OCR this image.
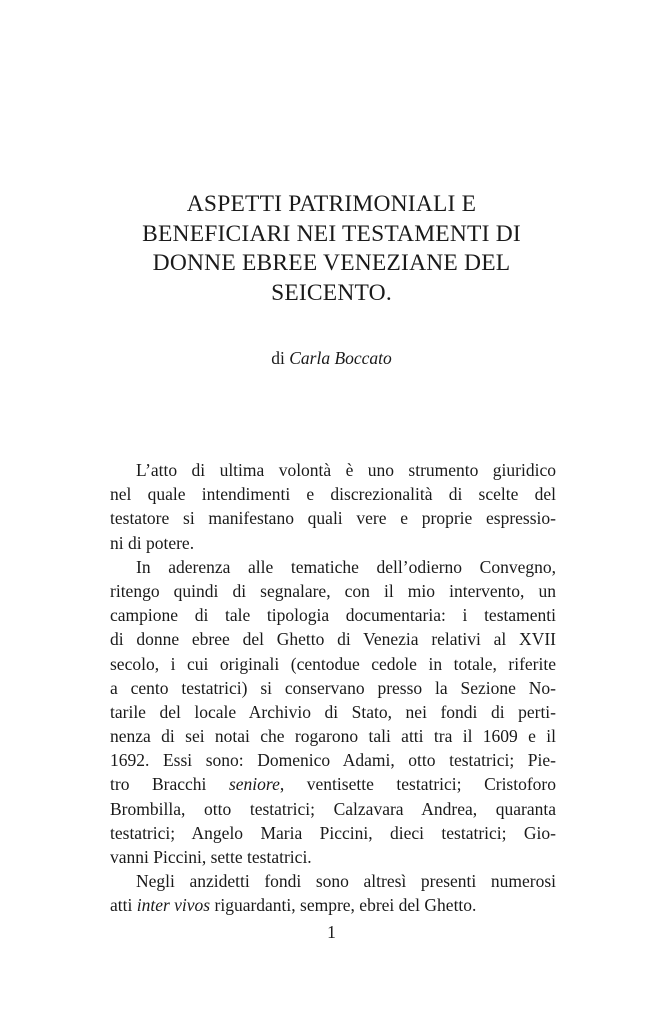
ASPETTI PATRIMONIALI E
BENEFICIARI NEI TESTAMENTI DI
DONNE EBREE VENEZIANE DEL
SEICENTO.
di Carla Boccato
L’atto di ultima volontà è uno strumento giuridico
nel quale intendimenti e discrezionalità di scelte del
testatore si manifestano quali vere e proprie espressio-
ni di potere.
In aderenza alle tematiche dell’odierno Convegno,
ritengo quindi di segnalare, con il mio intervento, un
campione di tale tipologia documentaria: i testamenti
di donne ebree del Ghetto di Venezia relativi al XVII
secolo, i cui originali (centodue cedole in totale, riferite
a cento testatrici) si conservano presso la Sezione No-
tarile del locale Archivio di Stato, nei fondi di perti-
nenza di sei notai che rogarono tali atti tra il 1609 e il
1692. Essi sono: Domenico Adami, otto testatrici; Pie-
tro Bracchi seniore, ventisette testatrici; Cristoforo
Brombilla, otto testatrici; Calzavara Andrea, quaranta
testatrici; Angelo Maria Piccini, dieci testatrici; Gio-
vanni Piccini, sette testatrici.
Negli anzidetti fondi sono altresì presenti numerosi
atti inter vivos riguardanti, sempre, ebrei del Ghetto.
1
